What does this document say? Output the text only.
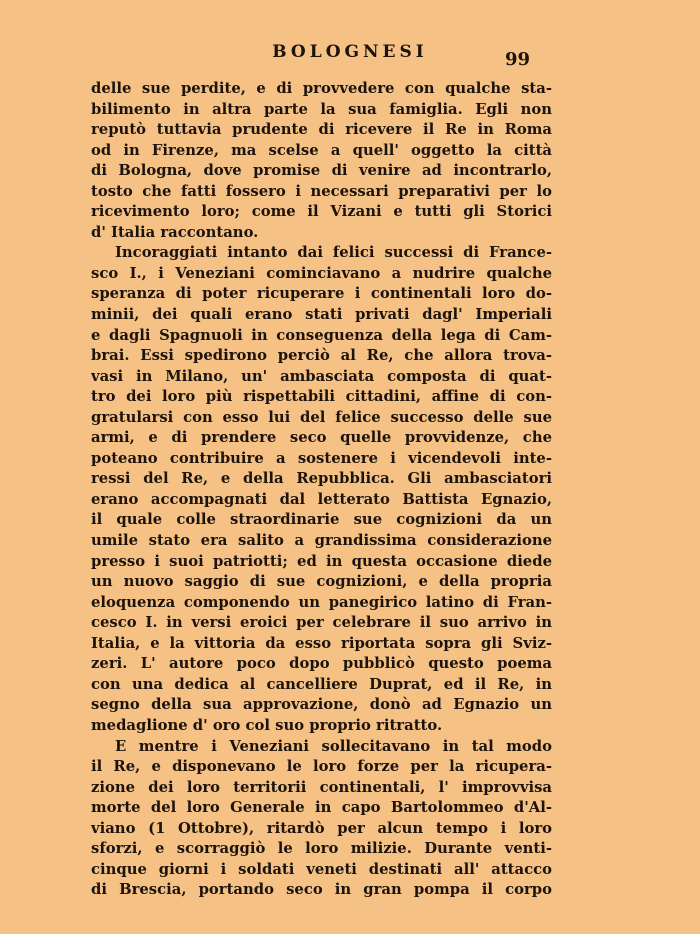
BOLOGNESI	99
delle sue perdite, e di provvedere con qualche sta-
bilimento in altra parte la sua famiglia. Egli non
reputò tuttavia prudente di ricevere il Re in Roma
od in Firenze, ma scelse a quell' oggetto la città
di Bologna, dove promise di venire ad incontrarlo,
tosto che fatti fossero i necessari preparativi per lo
ricevimento loro; come il Vizani e tutti gli Storici
d' Italia raccontano.
Incoraggiati intanto dai felici successi di France-
sco I., i Veneziani cominciavano a nudrire qualche
speranza di poter ricuperare i continentali loro do-
minii, dei quali erano stati privati dagl' Imperiali
e dagli Spagnuoli in conseguenza della lega di Cam-
brai. Essi spedirono perciò al Re, che allora trova-
vasi in Milano, un' ambasciata composta di quat-
tro dei loro più rispettabili cittadini, affine di con-
gratularsi con esso lui del felice successo delle sue
armi, e di prendere seco quelle provvidenze, che
poteano contribuire a sostenere i vicendevoli inte-
ressi del Re, e della Repubblica. Gli ambasciatori
erano accompagnati dal letterato Battista Egnazio,
il quale colle straordinarie sue cognizioni da un
umile stato era salito a grandissima considerazione
presso i suoi patriotti; ed in questa occasione diede
un nuovo saggio di sue cognizioni, e della propria
eloquenza componendo un panegirico latino di Fran-
cesco I. in versi eroici per celebrare il suo arrivo in
Italia, e la vittoria da esso riportata sopra gli Sviz-
zeri. L' autore poco dopo pubblicò questo poema
con una dedica al cancelliere Duprat, ed il Re, in
segno della sua approvazione, donò ad Egnazio un
medaglione d' oro col suo proprio ritratto.
E mentre i Veneziani sollecitavano in tal modo
il Re, e disponevano le loro forze per la ricupera-
zione dei loro territorii continentali, l' improvvisa
morte del loro Generale in capo Bartolommeo d'Al-
viano (1 Ottobre), ritardò per alcun tempo i loro
sforzi, e scorraggiò le loro milizie. Durante venti-
cinque giorni i soldati veneti destinati all' attacco
di Brescia, portando seco in gran pompa il corpo
